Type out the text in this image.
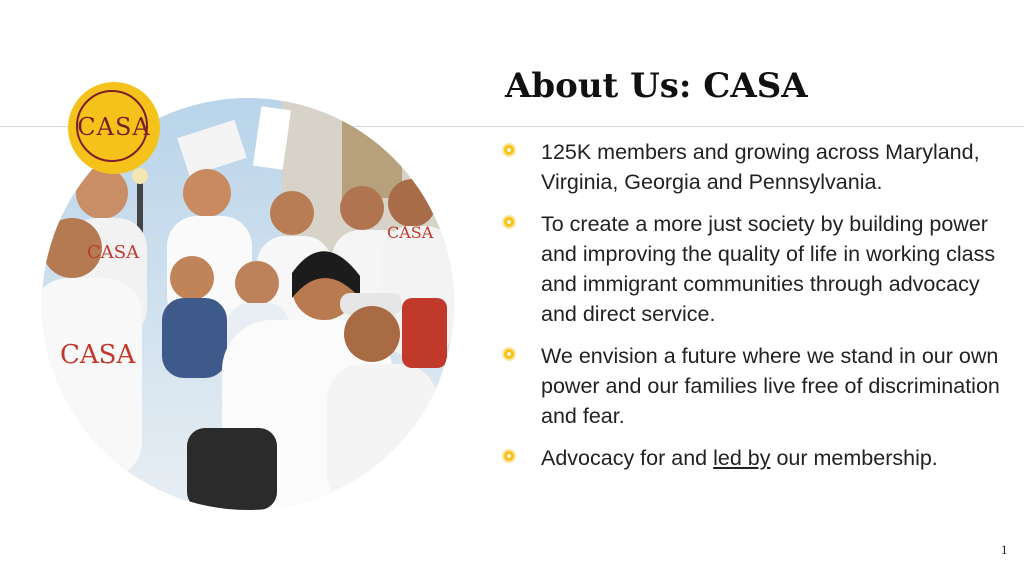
About Us: CASA
CASA
CASA
CASA
CASA
125K members and growing across Maryland, Virginia, Georgia and Pennsylvania.
To create a more just society by building power and improving the quality of life in working class and immigrant communities through advocacy and direct service.
We envision a future where we stand in our own power and our families live free of discrimination and fear.
Advocacy for and led by our membership.
1
